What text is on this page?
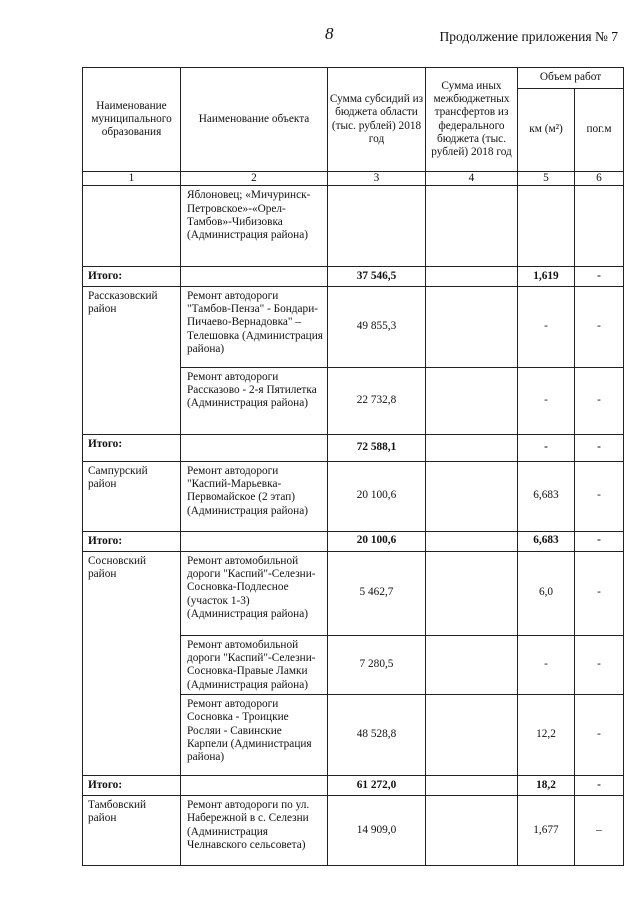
8	Продолжение приложения № 7
Наименование муниципального образования	Наименование объекта	Сумма субсидий из бюджета области (тыс. рублей) 2018 год	Сумма иных межбюджетных трансфертов из федерального бюджета (тыс. рублей) 2018 год	Объем работ	
				км (м²)	пог.м
1	2	3	4	5	6
	Яблоновец; «Мичуринск-Петровское»-«Орел-Тамбов»-Чибизовка (Администрация района)				
Итого:		37 546,5		1,619	-
Рассказовский район	Ремонт автодороги "Тамбов-Пенза" - Бондари-Пичаево-Вернадовка" – Телешовка (Администрация района)	49 855,3		-	-
	Ремонт автодороги Рассказово - 2-я Пятилетка (Администрация района)	22 732,8		-	-
Итого:		72 588,1		-	-
Сампурский район	Ремонт автодороги "Каспий-Марьевка-Первомайское (2 этап) (Администрация района)	20 100,6		6,683	-
Итого:		20 100,6		6,683	-
Сосновский район	Ремонт автомобильной дороги "Каспий"-Селезни-Сосновка-Подлесное (участок 1-3) (Администрация района)	5 462,7		6,0	-
	Ремонт автомобильной дороги "Каспий"-Селезни-Сосновка-Правые Ламки (Администрация района)	7 280,5		-	-
	Ремонт автодороги Сосновка - Троицкие Росляи - Савинские Карпели (Администрация района)	48 528,8		12,2	-
Итого:		61 272,0		18,2	-
Тамбовский район	Ремонт автодороги по ул. Набережной в с. Селезни (Администрация Челнавского сельсовета)	14 909,0		1,677	–
